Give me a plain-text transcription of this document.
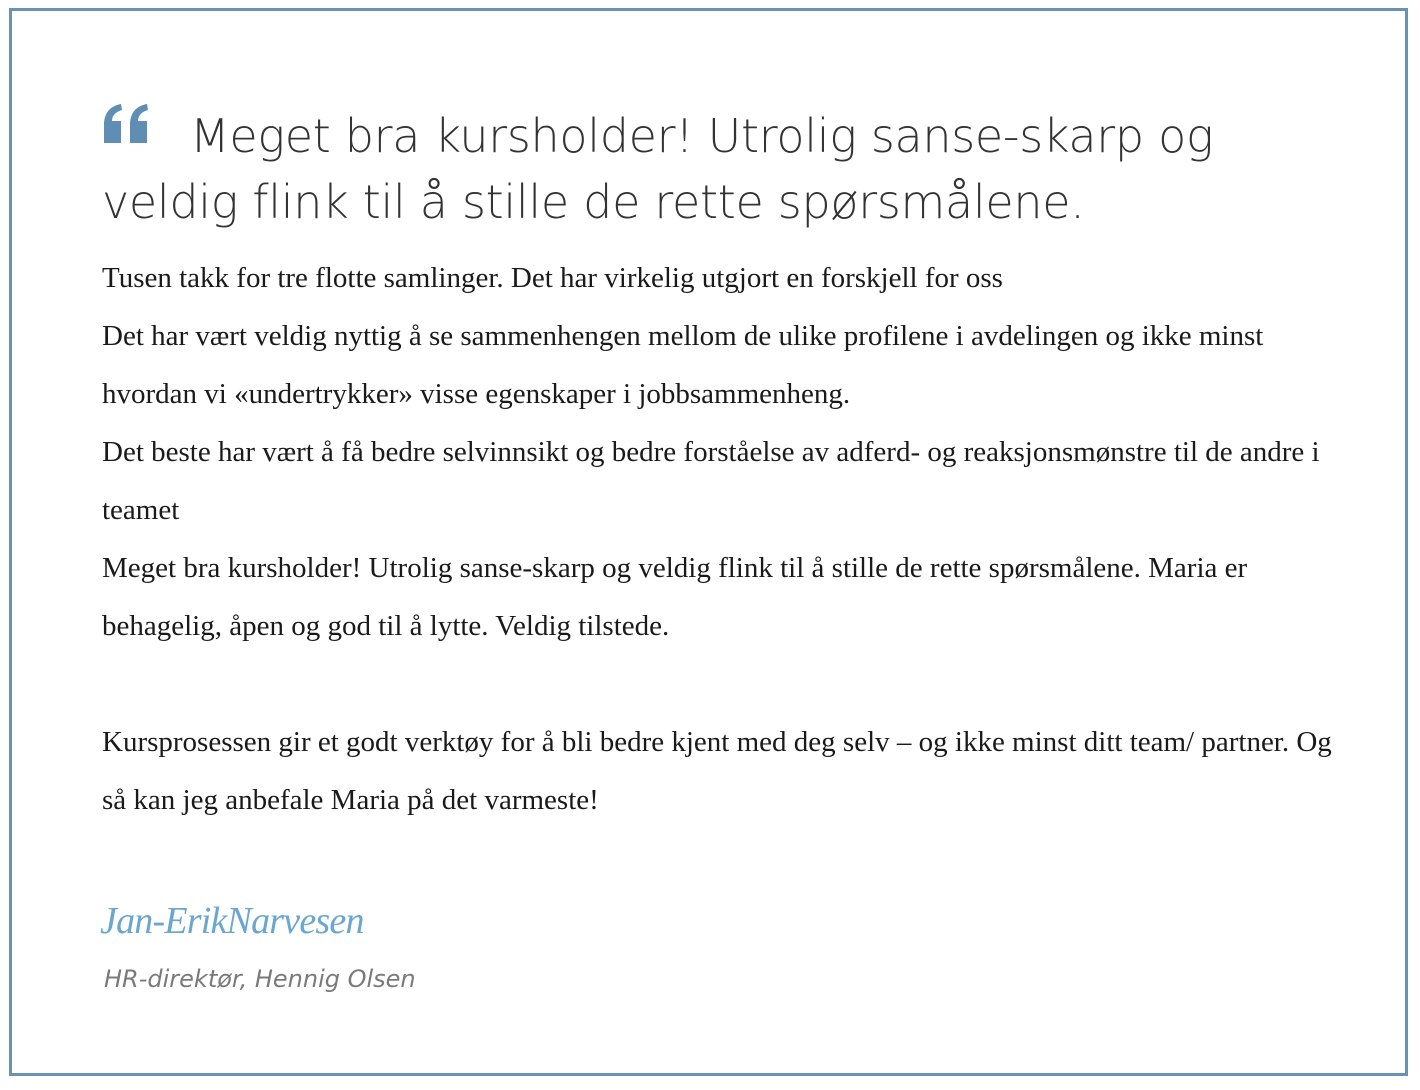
Meget bra kursholder! Utrolig sanse-skarp og veldig flink til å stille de rette spørsmålene.

Tusen takk for tre flotte samlinger. Det har virkelig utgjort en forskjell for oss

Det har vært veldig nyttig å se sammenhengen mellom de ulike profilene i avdelingen og ikke minst hvordan vi «undertrykker» visse egenskaper i jobbsammenheng.

Det beste har vært å få bedre selvinnsikt og bedre forståelse av adferd- og reaksjonsmønstre til de andre i teamet

Meget bra kursholder! Utrolig sanse-skarp og veldig flink til å stille de rette spørsmålene. Maria er behagelig, åpen og god til å lytte. Veldig tilstede.

Kursprosessen gir et godt verktøy for å bli bedre kjent med deg selv – og ikke minst ditt team/ partner. Og så kan jeg anbefale Maria på det varmeste!

Jan-ErikNarvesen

HR-direktør, Hennig Olsen
